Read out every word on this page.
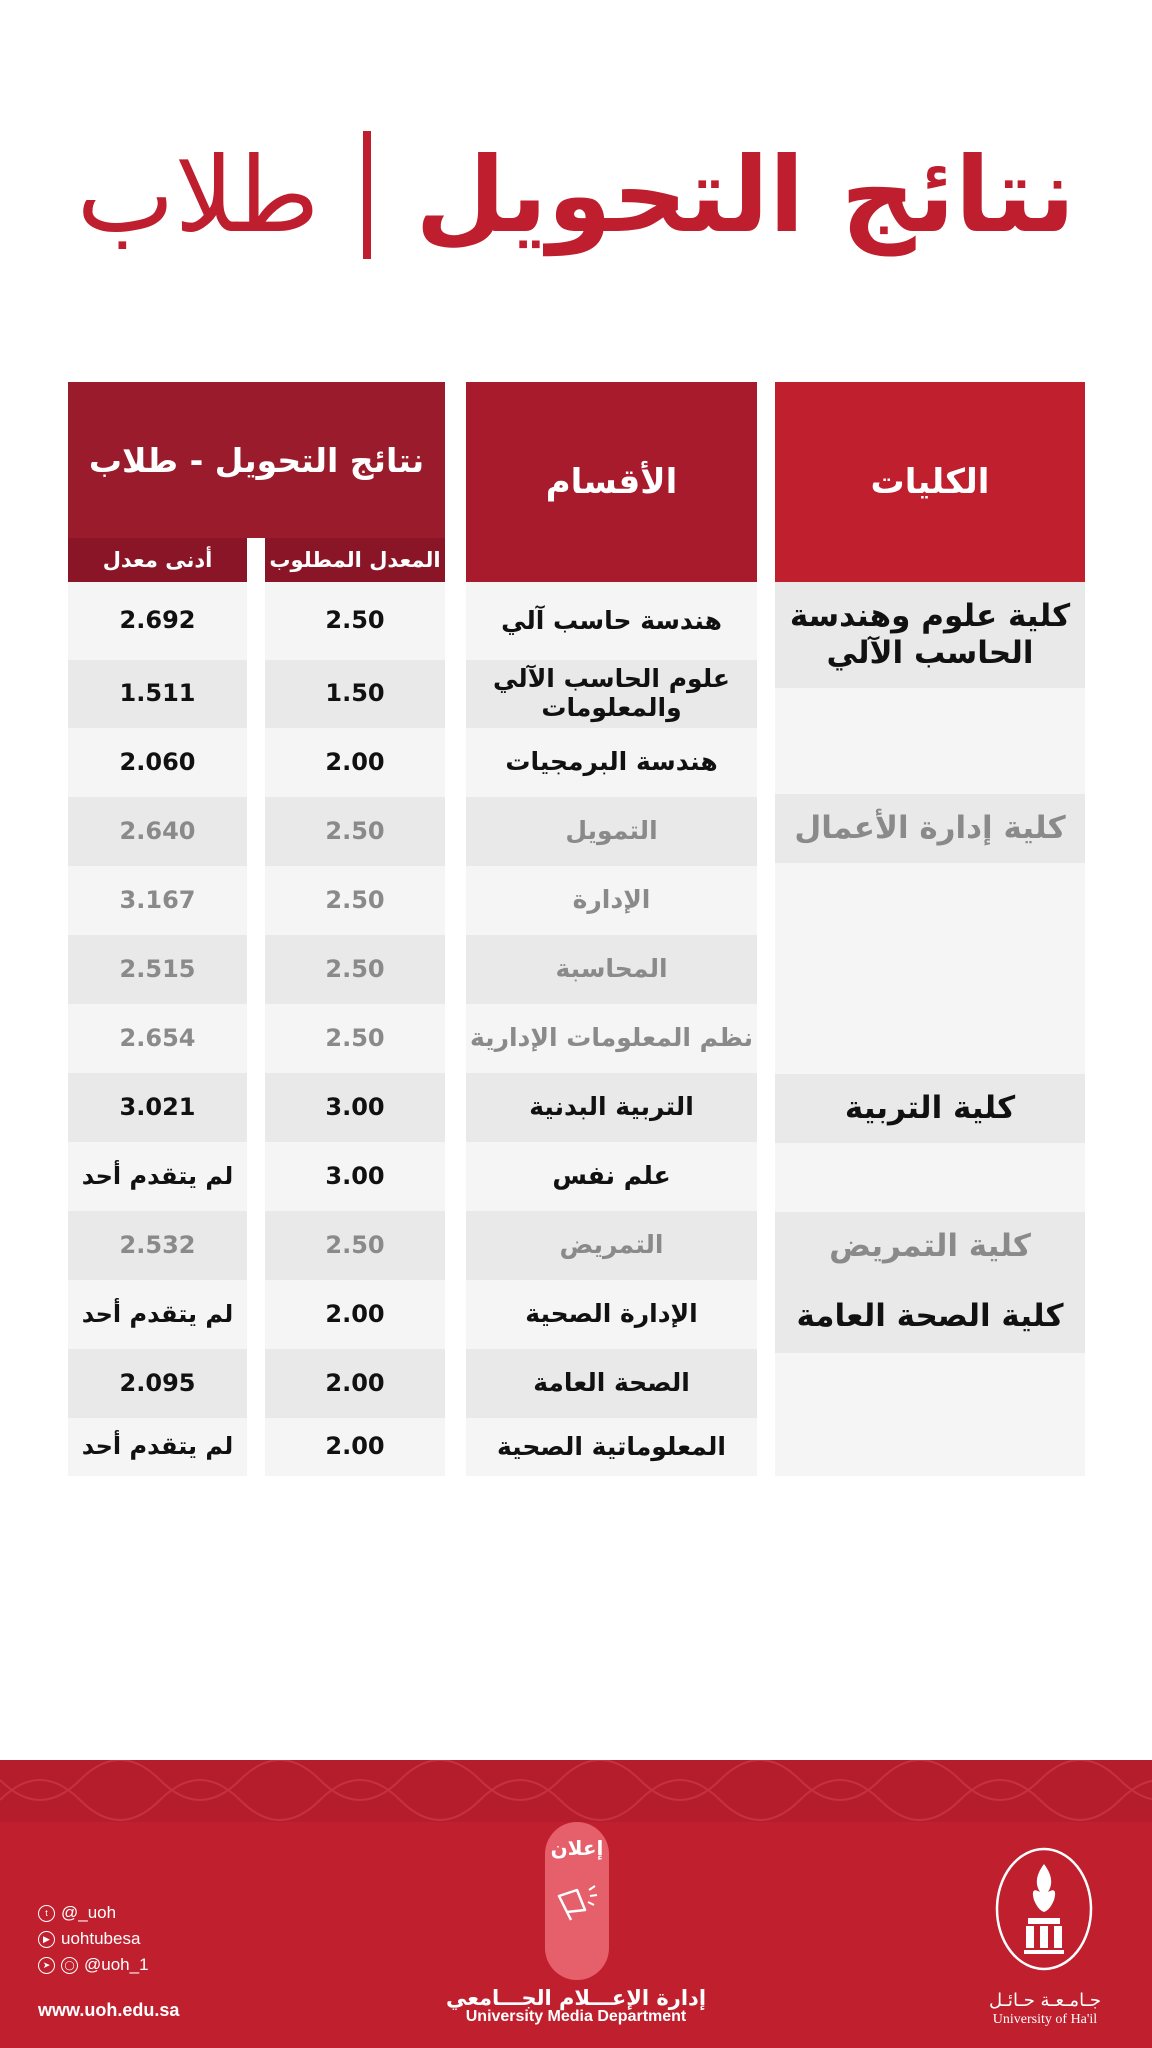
نتائج التحويل
طلاب
الكليات
كلية علوم وهندسة الحاسب الآلي
كلية إدارة الأعمال
كلية التربية
كلية التمريض
كلية الصحة العامة
الأقسام
هندسة حاسب آلي
علوم الحاسب الآلي والمعلومات
هندسة البرمجيات
التمويل
الإدارة
المحاسبة
نظم المعلومات الإدارية
التربية البدنية
علم نفس
التمريض
الإدارة الصحية
الصحة العامة
المعلوماتية الصحية
نتائج التحويل - طلاب
المعدل المطلوب
2.50
1.50
2.00
2.50
2.50
2.50
2.50
3.00
3.00
2.50
2.00
2.00
2.00
أدنى معدل
2.692
1.511
2.060
2.640
3.167
2.515
2.654
3.021
لم يتقدم أحد
2.532
لم يتقدم أحد
2.095
لم يتقدم أحد
إعلان
إدارة الإعـــلام الجـــامعي
University Media Department
t @_uoh
▶ uohtubesa
➤	◯ @uoh_1
www.uoh.edu.sa	جـامـعـة حـائـل
University of Ha'il
